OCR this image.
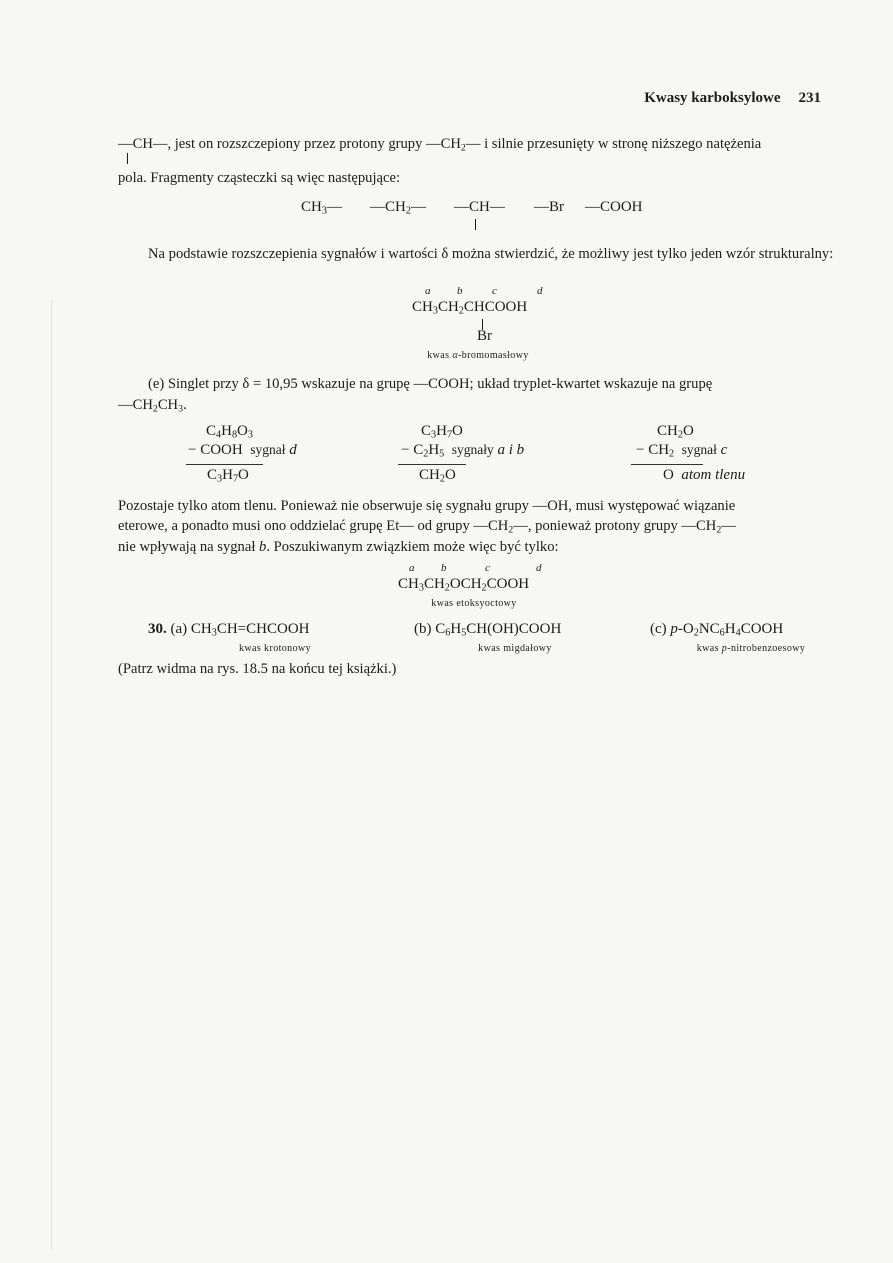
Kwasy karboksylowe 231
—CH—, jest on rozszczepiony przez protony grupy $—CH_2—$ i silnie przesunięty w stronę niższego natężenia
pola. Fragmenty cząsteczki są więc następujące:
$CH_3—$ $—CH_2—$ —CH— —Br —COOH
Na podstawie rozszczepienia sygnałów i wartości δ można stwierdzić, że możliwy jest tylko jeden wzór strukturalny:
a b	c	d
$CH_3CH_2CHCOOH$
Br
kwas α-bromomasłowy
(e) Singlet przy δ = 10,95 wskazuje na grupę —COOH; układ tryplet-kwartet wskazuje na grupę
$—CH_2CH_3$.
$C_4H_8O_3$
− COOH sygnał d
$C_3H_7O$
$C_3H_7O$
− $C_2H_5$ sygnały a i b
$CH_2O$
$CH_2O$
− $CH_2$ sygnał c
O atom tlenu
Pozostaje tylko atom tlenu. Ponieważ nie obserwuje się sygnału grupy —OH, musi występować wiązanie
eterowe, a ponadto musi ono oddzielać grupę Et— od grupy $—CH_2—$, ponieważ protony grupy $—CH_2—$
nie wpływają na sygnał b. Poszukiwanym związkiem może więc być tylko:
a b	c	d
$CH_3CH_2OCH_2COOH$
kwas etoksyoctowy
30. (a) $CH_3CH=CHCOOH$
kwas krotonowy
(b) $C_6H_5CH(OH)COOH$
kwas migdałowy
(c) $p-O_2NC_6H_4COOH$
kwas p-nitrobenzoesowy
(Patrz widma na rys. 18.5 na końcu tej książki.)
